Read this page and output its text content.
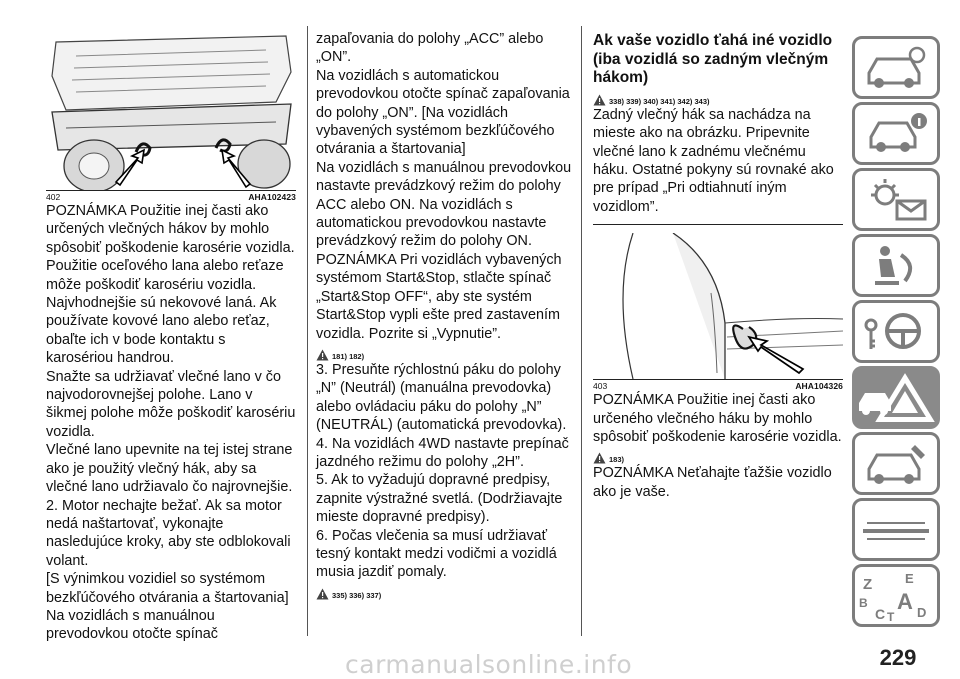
402	AHA102423

POZNÁMKA Použitie inej časti ako určených vlečných hákov by mohlo spôsobiť poškodenie karosérie vozidla.

Použitie oceľového lana alebo reťaze môže poškodiť karosériu vozidla. Najvhodnejšie sú nekovové laná. Ak používate kovové lano alebo reťaz, obaľte ich v bode kontaktu s karosériou handrou.

Snažte sa udržiavať vlečné lano v čo najvodorovnejšej polohe. Lano v šikmej polohe môže poškodiť karosériu vozidla.

Vlečné lano upevnite na tej istej strane ako je použitý vlečný hák, aby sa vlečné lano udržiavalo čo najrovnejšie.

2. Motor nechajte bežať. Ak sa motor nedá naštartovať, vykonajte nasledujúce kroky, aby ste odblokovali volant.

[S výnimkou vozidiel so systémom bezkľúčového otvárania a štartovania]

Na vozidlách s manuálnou prevodovkou otočte spínač

zapaľovania do polohy „ACC” alebo „ON”.

Na vozidlách s automatickou prevodovkou otočte spínač zapaľovania do polohy „ON”. [Na vozidlách vybavených systémom bezkľúčového otvárania a štartovania]

Na vozidlách s manuálnou prevodovkou nastavte prevádzkový režim do polohy ACC alebo ON. Na vozidlách s automatickou prevodovkou nastavte prevádzkový režim do polohy ON.

POZNÁMKA Pri vozidlách vybavených systémom Start&Stop, stlačte spínač „Start&Stop OFF“, aby ste systém Start&Stop vypli ešte pred zastavením vozidla. Pozrite si „Vypnutie”.

181) 182)

3. Presuňte rýchlostnú páku do polohy „N” (Neutrál) (manuálna prevodovka) alebo ovládaciu páku do polohy „N” (NEUTRÁL) (automatická prevodovka).

4. Na vozidlách 4WD nastavte prepínač jazdného režimu do polohy „2H”.

5. Ak to vyžadujú dopravné predpisy, zapnite výstražné svetlá. (Dodržiavajte mieste dopravné predpisy).

6. Počas vlečenia sa musí udržiavať tesný kontakt medzi vodičmi a vozidlá musia jazdiť pomaly.

335) 336) 337)
Ak vaše vozidlo ťahá iné vozidlo (iba vozidlá so zadným vlečným hákom)
338) 339) 340) 341) 342) 343)

Zadný vlečný hák sa nachádza na mieste ako na obrázku. Pripevnite vlečné lano k zadnému vlečnému háku. Ostatné pokyny sú rovnaké ako pre prípad „Pri odtiahnutí iným vozidlom”.

403	AHA104326

POZNÁMKA Použitie inej časti ako určeného vlečného háku by mohlo spôsobiť poškodenie karosérie vozidla.

183)

POZNÁMKA Neťahajte ťažšie vozidlo ako je vaše.

Z	E
B A
C T D
carmanualsonline.info	229
